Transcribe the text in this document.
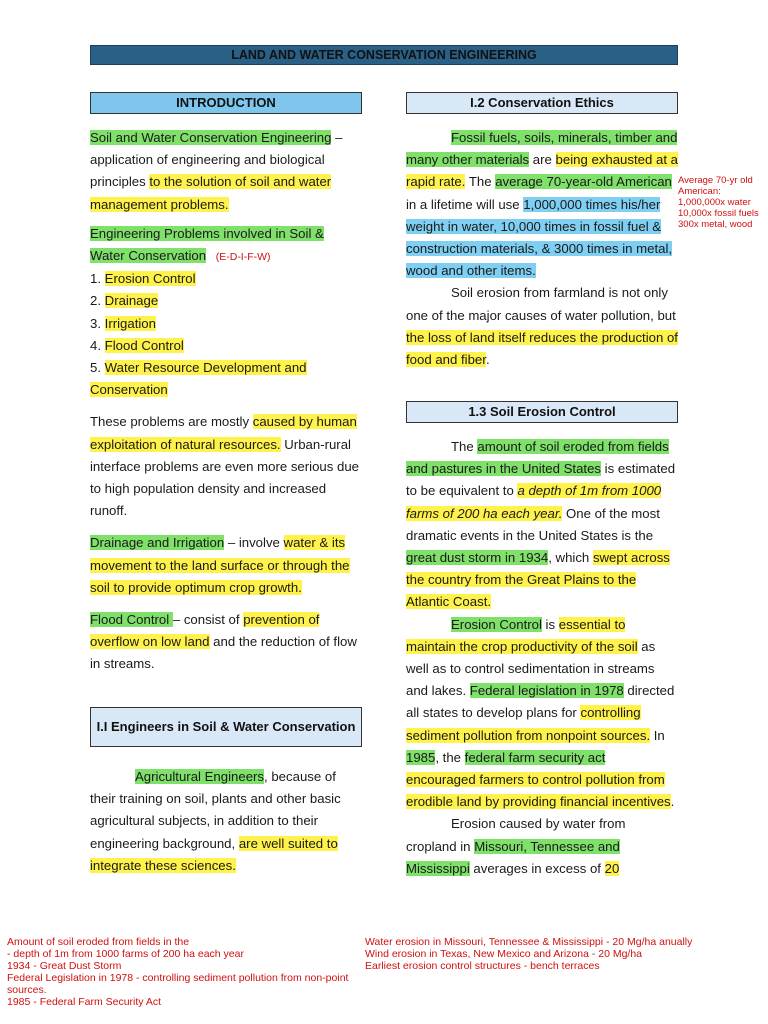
LAND AND WATER CONSERVATION ENGINEERING
INTRODUCTION

Soil and Water Conservation Engineering – application of engineering and biological principles to the solution of soil and water management problems.

Engineering Problems involved in Soil & Water Conservation (E-D-I-F-W)
1. Erosion Control
2. Drainage
3. Irrigation
4. Flood Control
5. Water Resource Development and Conservation

These problems are mostly caused by human exploitation of natural resources. Urban-rural interface problems are even more serious due to high population density and increased runoff.

Drainage and Irrigation – involve water & its movement to the land surface or through the soil to provide optimum crop growth.

Flood Control – consist of prevention of overflow on low land and the reduction of flow in streams.

I.I Engineers in Soil & Water Conservation

Agricultural Engineers, because of their training on soil, plants and other basic agricultural subjects, in addition to their engineering background, are well suited to integrate these sciences.

I.2 Conservation Ethics

Fossil fuels, soils, minerals, timber and many other materials are being exhausted at a rapid rate. The average 70-year-old American in a lifetime will use 1,000,000 times his/her weight in water, 10,000 times in fossil fuel & construction materials, & 3000 times in metal, wood and other items.

Soil erosion from farmland is not only one of the major causes of water pollution, but the loss of land itself reduces the production of food and fiber.

1.3 Soil Erosion Control

The amount of soil eroded from fields and pastures in the United States is estimated to be equivalent to a depth of 1m from 1000 farms of 200 ha each year. One of the most dramatic events in the United States is the great dust storm in 1934, which swept across the country from the Great Plains to the Atlantic Coast.

Erosion Control is essential to maintain the crop productivity of the soil as well as to control sedimentation in streams and lakes. Federal legislation in 1978 directed all states to develop plans for controlling sediment pollution from nonpoint sources. In 1985, the federal farm security act encouraged farmers to control pollution from erodible land by providing financial incentives.

Erosion caused by water from cropland in Missouri, Tennessee and Mississippi averages in excess of 20

Average 70-yr old American:
1,000,000x water
10,000x fossil fuels
300x metal, wood
Amount of soil eroded from fields in the
- depth of 1m from 1000 farms of 200 ha each year
1934 - Great Dust Storm
Federal Legislation in 1978 - controlling sediment pollution from non-point sources.
1985 - Federal Farm Security Act
Water erosion in Missouri, Tennessee & Mississippi - 20 Mg/ha anually
Wind erosion in Texas, New Mexico and Arizona - 20 Mg/ha
Earliest erosion control structures - bench terraces
